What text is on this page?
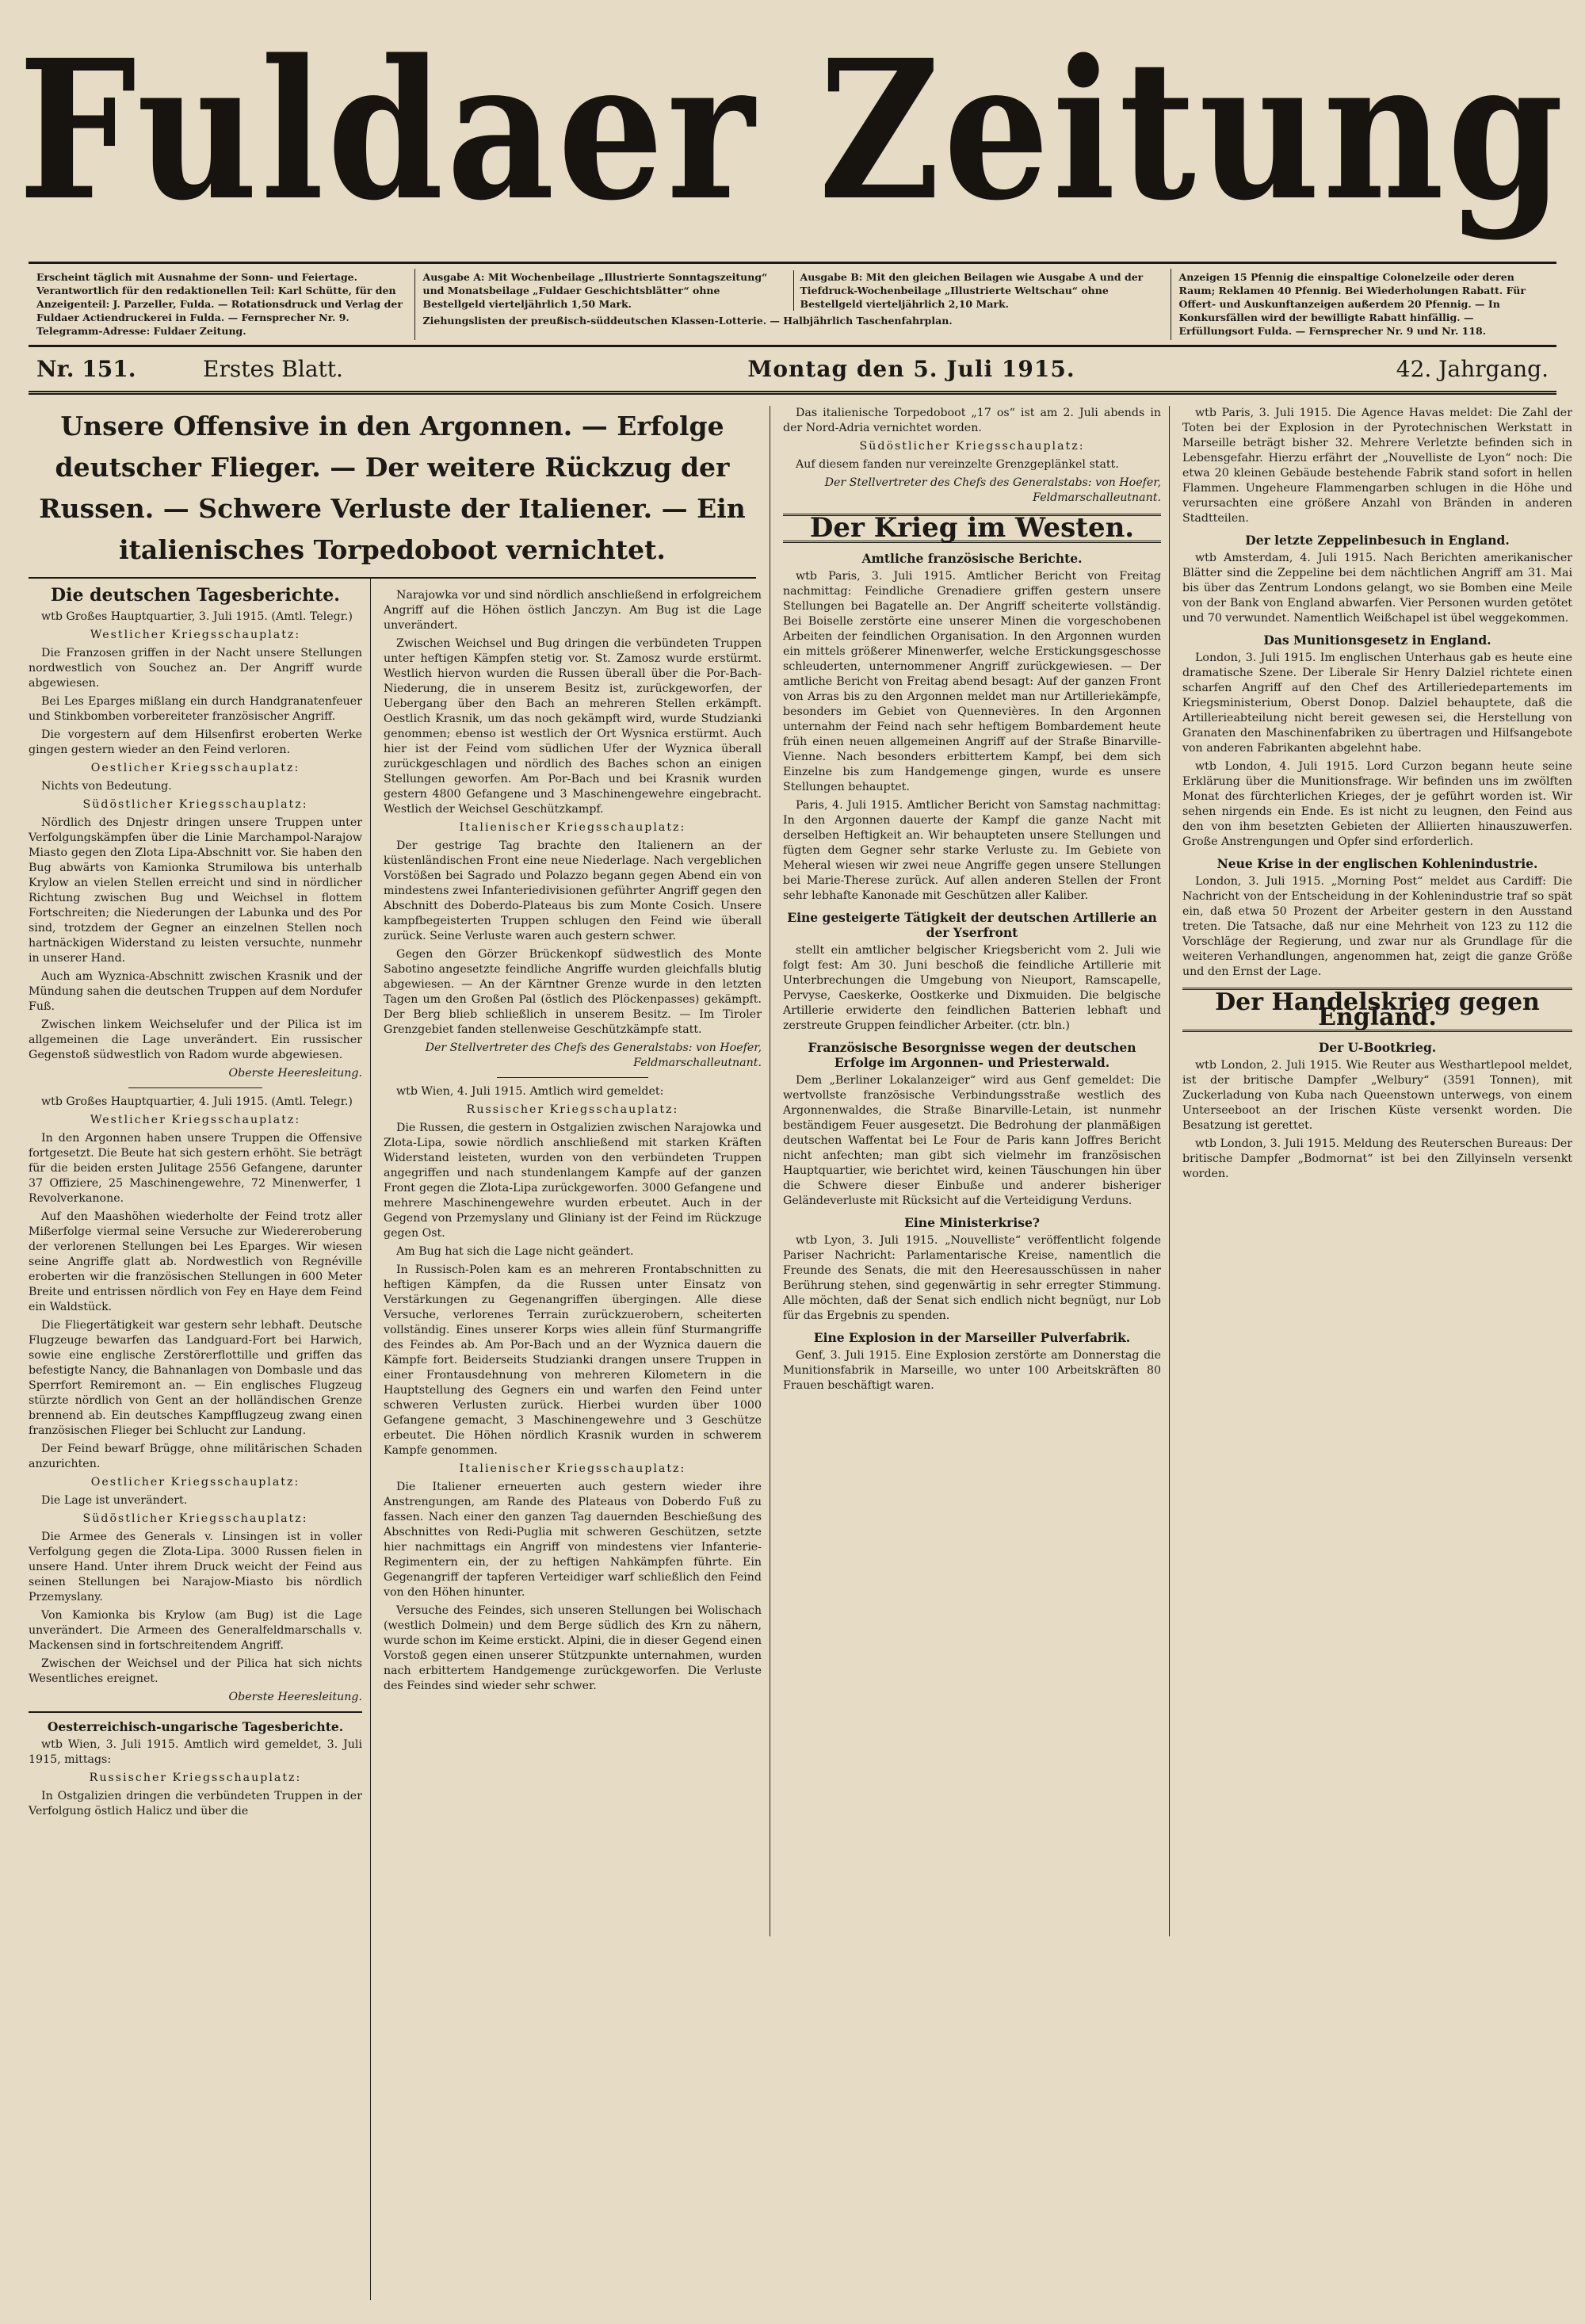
Fuldaer Zeitung
Erscheint täglich mit Ausnahme der Sonn- und Feiertage. Verantwortlich für den redaktionellen Teil: Karl Schütte, für den Anzeigenteil: J. Parzeller, Fulda. — Rotationsdruck und Verlag der Fuldaer Actiendruckerei in Fulda. — Fernsprecher Nr. 9. Telegramm-Adresse: Fuldaer Zeitung.
Ausgabe A: Mit Wochenbeilage „Illustrierte Sonntagszeitung“ und Monatsbeilage „Fuldaer Geschichtsblätter“ ohne Bestellgeld vierteljährlich 1,50 Mark.
Ausgabe B: Mit den gleichen Beilagen wie Ausgabe A und der Tiefdruck-Wochenbeilage „Illustrierte Weltschau“ ohne Bestellgeld vierteljährlich 2,10 Mark.
Ziehungslisten der preußisch-süddeutschen Klassen-Lotterie. — Halbjährlich Taschenfahrplan.
Anzeigen 15 Pfennig die einspaltige Colonelzeile oder deren Raum; Reklamen 40 Pfennig. Bei Wiederholungen Rabatt. Für Offert- und Auskunftanzeigen außerdem 20 Pfennig. — In Konkursfällen wird der bewilligte Rabatt hinfällig. — Erfüllungsort Fulda. — Fernsprecher Nr. 9 und Nr. 118.
Nr. 151.	Erstes Blatt.	Montag den 5. Juli 1915.	42. Jahrgang.
Unsere Offensive in den Argonnen. — Erfolge deutscher Flieger. — Der weitere Rückzug der Russen. — Schwere Verluste der Italiener. — Ein italienisches Torpedoboot vernichtet.
Die deutschen Tagesberichte.

wtb Großes Hauptquartier, 3. Juli 1915. (Amtl. Telegr.)

Westlicher Kriegsschauplatz:

Die Franzosen griffen in der Nacht unsere Stellungen nordwestlich von Souchez an. Der Angriff wurde abgewiesen.

Bei Les Eparges mißlang ein durch Handgranatenfeuer und Stinkbomben vorbereiteter französischer Angriff.

Die vorgestern auf dem Hilsenfirst eroberten Werke gingen gestern wieder an den Feind verloren.

Oestlicher Kriegsschauplatz:

Nichts von Bedeutung.

Südöstlicher Kriegsschauplatz:

Nördlich des Dnjestr dringen unsere Truppen unter Verfolgungskämpfen über die Linie Marchampol-Narajow Miasto gegen den Zlota Lipa-Abschnitt vor. Sie haben den Bug abwärts von Kamionka Strumilowa bis unterhalb Krylow an vielen Stellen erreicht und sind in nördlicher Richtung zwischen Bug und Weichsel in flottem Fortschreiten; die Niederungen der Labunka und des Por sind, trotzdem der Gegner an einzelnen Stellen noch hartnäckigen Widerstand zu leisten versuchte, nunmehr in unserer Hand.

Auch am Wyznica-Abschnitt zwischen Krasnik und der Mündung sahen die deutschen Truppen auf dem Nordufer Fuß.

Zwischen linkem Weichselufer und der Pilica ist im allgemeinen die Lage unverändert. Ein russischer Gegenstoß südwestlich von Radom wurde abgewiesen.

Oberste Heeresleitung.

wtb Großes Hauptquartier, 4. Juli 1915. (Amtl. Telegr.)

Westlicher Kriegsschauplatz:

In den Argonnen haben unsere Truppen die Offensive fortgesetzt. Die Beute hat sich gestern erhöht. Sie beträgt für die beiden ersten Julitage 2556 Gefangene, darunter 37 Offiziere, 25 Maschinengewehre, 72 Minenwerfer, 1 Revolverkanone.

Auf den Maashöhen wiederholte der Feind trotz aller Mißerfolge viermal seine Versuche zur Wiedereroberung der verlorenen Stellungen bei Les Eparges. Wir wiesen seine Angriffe glatt ab. Nordwestlich von Regnéville eroberten wir die französischen Stellungen in 600 Meter Breite und entrissen nördlich von Fey en Haye dem Feind ein Waldstück.

Die Fliegertätigkeit war gestern sehr lebhaft. Deutsche Flugzeuge bewarfen das Landguard-Fort bei Harwich, sowie eine englische Zerstörerflottille und griffen das befestigte Nancy, die Bahnanlagen von Dombasle und das Sperrfort Remiremont an. — Ein englisches Flugzeug stürzte nördlich von Gent an der holländischen Grenze brennend ab. Ein deutsches Kampfflugzeug zwang einen französischen Flieger bei Schlucht zur Landung.

Der Feind bewarf Brügge, ohne militärischen Schaden anzurichten.

Oestlicher Kriegsschauplatz:

Die Lage ist unverändert.

Südöstlicher Kriegsschauplatz:

Die Armee des Generals v. Linsingen ist in voller Verfolgung gegen die Zlota-Lipa. 3000 Russen fielen in unsere Hand. Unter ihrem Druck weicht der Feind aus seinen Stellungen bei Narajow-Miasto bis nördlich Przemyslany.

Von Kamionka bis Krylow (am Bug) ist die Lage unverändert. Die Armeen des Generalfeldmarschalls v. Mackensen sind in fortschreitendem Angriff.

Zwischen der Weichsel und der Pilica hat sich nichts Wesentliches ereignet.

Oberste Heeresleitung.
Oesterreichisch-ungarische Tagesberichte.

wtb Wien, 3. Juli 1915. Amtlich wird gemeldet, 3. Juli 1915, mittags:

Russischer Kriegsschauplatz:

In Ostgalizien dringen die verbündeten Truppen in der Verfolgung östlich Halicz und über die

Narajowka vor und sind nördlich anschließend in erfolgreichem Angriff auf die Höhen östlich Janczyn. Am Bug ist die Lage unverändert.

Zwischen Weichsel und Bug dringen die verbündeten Truppen unter heftigen Kämpfen stetig vor. St. Zamosz wurde erstürmt. Westlich hiervon wurden die Russen überall über die Por-Bach-Niederung, die in unserem Besitz ist, zurückgeworfen, der Uebergang über den Bach an mehreren Stellen erkämpft. Oestlich Krasnik, um das noch gekämpft wird, wurde Studzianki genommen; ebenso ist westlich der Ort Wysnica erstürmt. Auch hier ist der Feind vom südlichen Ufer der Wyznica überall zurückgeschlagen und nördlich des Baches schon an einigen Stellungen geworfen. Am Por-Bach und bei Krasnik wurden gestern 4800 Gefangene und 3 Maschinengewehre eingebracht. Westlich der Weichsel Geschützkampf.

Italienischer Kriegsschauplatz:

Der gestrige Tag brachte den Italienern an der küstenländischen Front eine neue Niederlage. Nach vergeblichen Vorstößen bei Sagrado und Polazzo begann gegen Abend ein von mindestens zwei Infanteriedivisionen geführter Angriff gegen den Abschnitt des Doberdo-Plateaus bis zum Monte Cosich. Unsere kampfbegeisterten Truppen schlugen den Feind wie überall zurück. Seine Verluste waren auch gestern schwer.

Gegen den Görzer Brückenkopf südwestlich des Monte Sabotino angesetzte feindliche Angriffe wurden gleichfalls blutig abgewiesen. — An der Kärntner Grenze wurde in den letzten Tagen um den Großen Pal (östlich des Plöckenpasses) gekämpft. Der Berg blieb schließlich in unserem Besitz. — Im Tiroler Grenzgebiet fanden stellenweise Geschützkämpfe statt.

Der Stellvertreter des Chefs des Generalstabs: von Hoefer, Feldmarschalleutnant.

wtb Wien, 4. Juli 1915. Amtlich wird gemeldet:

Russischer Kriegsschauplatz:

Die Russen, die gestern in Ostgalizien zwischen Narajowka und Zlota-Lipa, sowie nördlich anschließend mit starken Kräften Widerstand leisteten, wurden von den verbündeten Truppen angegriffen und nach stundenlangem Kampfe auf der ganzen Front gegen die Zlota-Lipa zurückgeworfen. 3000 Gefangene und mehrere Maschinengewehre wurden erbeutet. Auch in der Gegend von Przemyslany und Gliniany ist der Feind im Rückzuge gegen Ost.

Am Bug hat sich die Lage nicht geändert.

In Russisch-Polen kam es an mehreren Frontabschnitten zu heftigen Kämpfen, da die Russen unter Einsatz von Verstärkungen zu Gegenangriffen übergingen. Alle diese Versuche, verlorenes Terrain zurückzuerobern, scheiterten vollständig. Eines unserer Korps wies allein fünf Sturmangriffe des Feindes ab. Am Por-Bach und an der Wyznica dauern die Kämpfe fort. Beiderseits Studzianki drangen unsere Truppen in einer Frontausdehnung von mehreren Kilometern in die Hauptstellung des Gegners ein und warfen den Feind unter schweren Verlusten zurück. Hierbei wurden über 1000 Gefangene gemacht, 3 Maschinengewehre und 3 Geschütze erbeutet. Die Höhen nördlich Krasnik wurden in schwerem Kampfe genommen.

Italienischer Kriegsschauplatz:

Die Italiener erneuerten auch gestern wieder ihre Anstrengungen, am Rande des Plateaus von Doberdo Fuß zu fassen. Nach einer den ganzen Tag dauernden Beschießung des Abschnittes von Redi-Puglia mit schweren Geschützen, setzte hier nachmittags ein Angriff von mindestens vier Infanterie-Regimentern ein, der zu heftigen Nahkämpfen führte. Ein Gegenangriff der tapferen Verteidiger warf schließlich den Feind von den Höhen hinunter.

Versuche des Feindes, sich unseren Stellungen bei Wolischach (westlich Dolmein) und dem Berge südlich des Krn zu nähern, wurde schon im Keime erstickt. Alpini, die in dieser Gegend einen Vorstoß gegen einen unserer Stützpunkte unternahmen, wurden nach erbittertem Handgemenge zurückgeworfen. Die Verluste des Feindes sind wieder sehr schwer.

Das italienische Torpedoboot „17 os“ ist am 2. Juli abends in der Nord-Adria vernichtet worden.

Südöstlicher Kriegsschauplatz:

Auf diesem fanden nur vereinzelte Grenzgeplänkel statt.

Der Stellvertreter des Chefs des Generalstabs: von Hoefer, Feldmarschalleutnant.
Der Krieg im Westen.
Amtliche französische Berichte.

wtb Paris, 3. Juli 1915. Amtlicher Bericht von Freitag nachmittag: Feindliche Grenadiere griffen gestern unsere Stellungen bei Bagatelle an. Der Angriff scheiterte vollständig. Bei Boiselle zerstörte eine unserer Minen die vorgeschobenen Arbeiten der feindlichen Organisation. In den Argonnen wurden ein mittels größerer Minenwerfer, welche Erstickungsgeschosse schleuderten, unternommener Angriff zurückgewiesen. — Der amtliche Bericht von Freitag abend besagt: Auf der ganzen Front von Arras bis zu den Argonnen meldet man nur Artilleriekämpfe, besonders im Gebiet von Quennevières. In den Argonnen unternahm der Feind nach sehr heftigem Bombardement heute früh einen neuen allgemeinen Angriff auf der Straße Binarville-Vienne. Nach besonders erbittertem Kampf, bei dem sich Einzelne bis zum Handgemenge gingen, wurde es unsere Stellungen behauptet.

Paris, 4. Juli 1915. Amtlicher Bericht von Samstag nachmittag: In den Argonnen dauerte der Kampf die ganze Nacht mit derselben Heftigkeit an. Wir behaupteten unsere Stellungen und fügten dem Gegner sehr starke Verluste zu. Im Gebiete von Meheral wiesen wir zwei neue Angriffe gegen unsere Stellungen bei Marie-Therese zurück. Auf allen anderen Stellen der Front sehr lebhafte Kanonade mit Geschützen aller Kaliber.

Eine gesteigerte Tätigkeit der deutschen Artillerie an der Yserfront

stellt ein amtlicher belgischer Kriegsbericht vom 2. Juli wie folgt fest: Am 30. Juni beschoß die feindliche Artillerie mit Unterbrechungen die Umgebung von Nieuport, Ramscapelle, Pervyse, Caeskerke, Oostkerke und Dixmuiden. Die belgische Artillerie erwiderte den feindlichen Batterien lebhaft und zerstreute Gruppen feindlicher Arbeiter. (ctr. bln.)

Französische Besorgnisse wegen der deutschen Erfolge im Argonnen- und Priesterwald.

Dem „Berliner Lokalanzeiger“ wird aus Genf gemeldet: Die wertvollste französische Verbindungsstraße westlich des Argonnenwaldes, die Straße Binarville-Letain, ist nunmehr beständigem Feuer ausgesetzt. Die Bedrohung der planmäßigen deutschen Waffentat bei Le Four de Paris kann Joffres Bericht nicht anfechten; man gibt sich vielmehr im französischen Hauptquartier, wie berichtet wird, keinen Täuschungen hin über die Schwere dieser Einbuße und anderer bisheriger Geländeverluste mit Rücksicht auf die Verteidigung Verduns.

Eine Ministerkrise?

wtb Lyon, 3. Juli 1915. „Nouvelliste“ veröffentlicht folgende Pariser Nachricht: Parlamentarische Kreise, namentlich die Freunde des Senats, die mit den Heeresausschüssen in naher Berührung stehen, sind gegenwärtig in sehr erregter Stimmung. Alle möchten, daß der Senat sich endlich nicht begnügt, nur Lob für das Ergebnis zu spenden.

Eine Explosion in der Marseiller Pulverfabrik.

Genf, 3. Juli 1915. Eine Explosion zerstörte am Donnerstag die Munitionsfabrik in Marseille, wo unter 100 Arbeitskräften 80 Frauen beschäftigt waren.

wtb Paris, 3. Juli 1915. Die Agence Havas meldet: Die Zahl der Toten bei der Explosion in der Pyrotechnischen Werkstatt in Marseille beträgt bisher 32. Mehrere Verletzte befinden sich in Lebensgefahr. Hierzu erfährt der „Nouvelliste de Lyon“ noch: Die etwa 20 kleinen Gebäude bestehende Fabrik stand sofort in hellen Flammen. Ungeheure Flammengarben schlugen in die Höhe und verursachten eine größere Anzahl von Bränden in anderen Stadtteilen.

Der letzte Zeppelinbesuch in England.

wtb Amsterdam, 4. Juli 1915. Nach Berichten amerikanischer Blätter sind die Zeppeline bei dem nächtlichen Angriff am 31. Mai bis über das Zentrum Londons gelangt, wo sie Bomben eine Meile von der Bank von England abwarfen. Vier Personen wurden getötet und 70 verwundet. Namentlich Weißchapel ist übel weggekommen.

Das Munitionsgesetz in England.

London, 3. Juli 1915. Im englischen Unterhaus gab es heute eine dramatische Szene. Der Liberale Sir Henry Dalziel richtete einen scharfen Angriff auf den Chef des Artilleriedepartements im Kriegsministerium, Oberst Donop. Dalziel behauptete, daß die Artillerieabteilung nicht bereit gewesen sei, die Herstellung von Granaten den Maschinenfabriken zu übertragen und Hilfsangebote von anderen Fabrikanten abgelehnt habe.

wtb London, 4. Juli 1915. Lord Curzon begann heute seine Erklärung über die Munitionsfrage. Wir befinden uns im zwölften Monat des fürchterlichen Krieges, der je geführt worden ist. Wir sehen nirgends ein Ende. Es ist nicht zu leugnen, den Feind aus den von ihm besetzten Gebieten der Alliierten hinauszuwerfen. Große Anstrengungen und Opfer sind erforderlich.

Neue Krise in der englischen Kohlenindustrie.

London, 3. Juli 1915. „Morning Post“ meldet aus Cardiff: Die Nachricht von der Entscheidung in der Kohlenindustrie traf so spät ein, daß etwa 50 Prozent der Arbeiter gestern in den Ausstand treten. Die Tatsache, daß nur eine Mehrheit von 123 zu 112 die Vorschläge der Regierung, und zwar nur als Grundlage für die weiteren Verhandlungen, angenommen hat, zeigt die ganze Größe und den Ernst der Lage.

Der Handelskrieg gegen England.
Der U-Bootkrieg.

wtb London, 2. Juli 1915. Wie Reuter aus Westhartlepool meldet, ist der britische Dampfer „Welbury“ (3591 Tonnen), mit Zuckerladung von Kuba nach Queenstown unterwegs, von einem Unterseeboot an der Irischen Küste versenkt worden. Die Besatzung ist gerettet.

wtb London, 3. Juli 1915. Meldung des Reuterschen Bureaus: Der britische Dampfer „Bodmornat“ ist bei den Zillyinseln versenkt worden.
